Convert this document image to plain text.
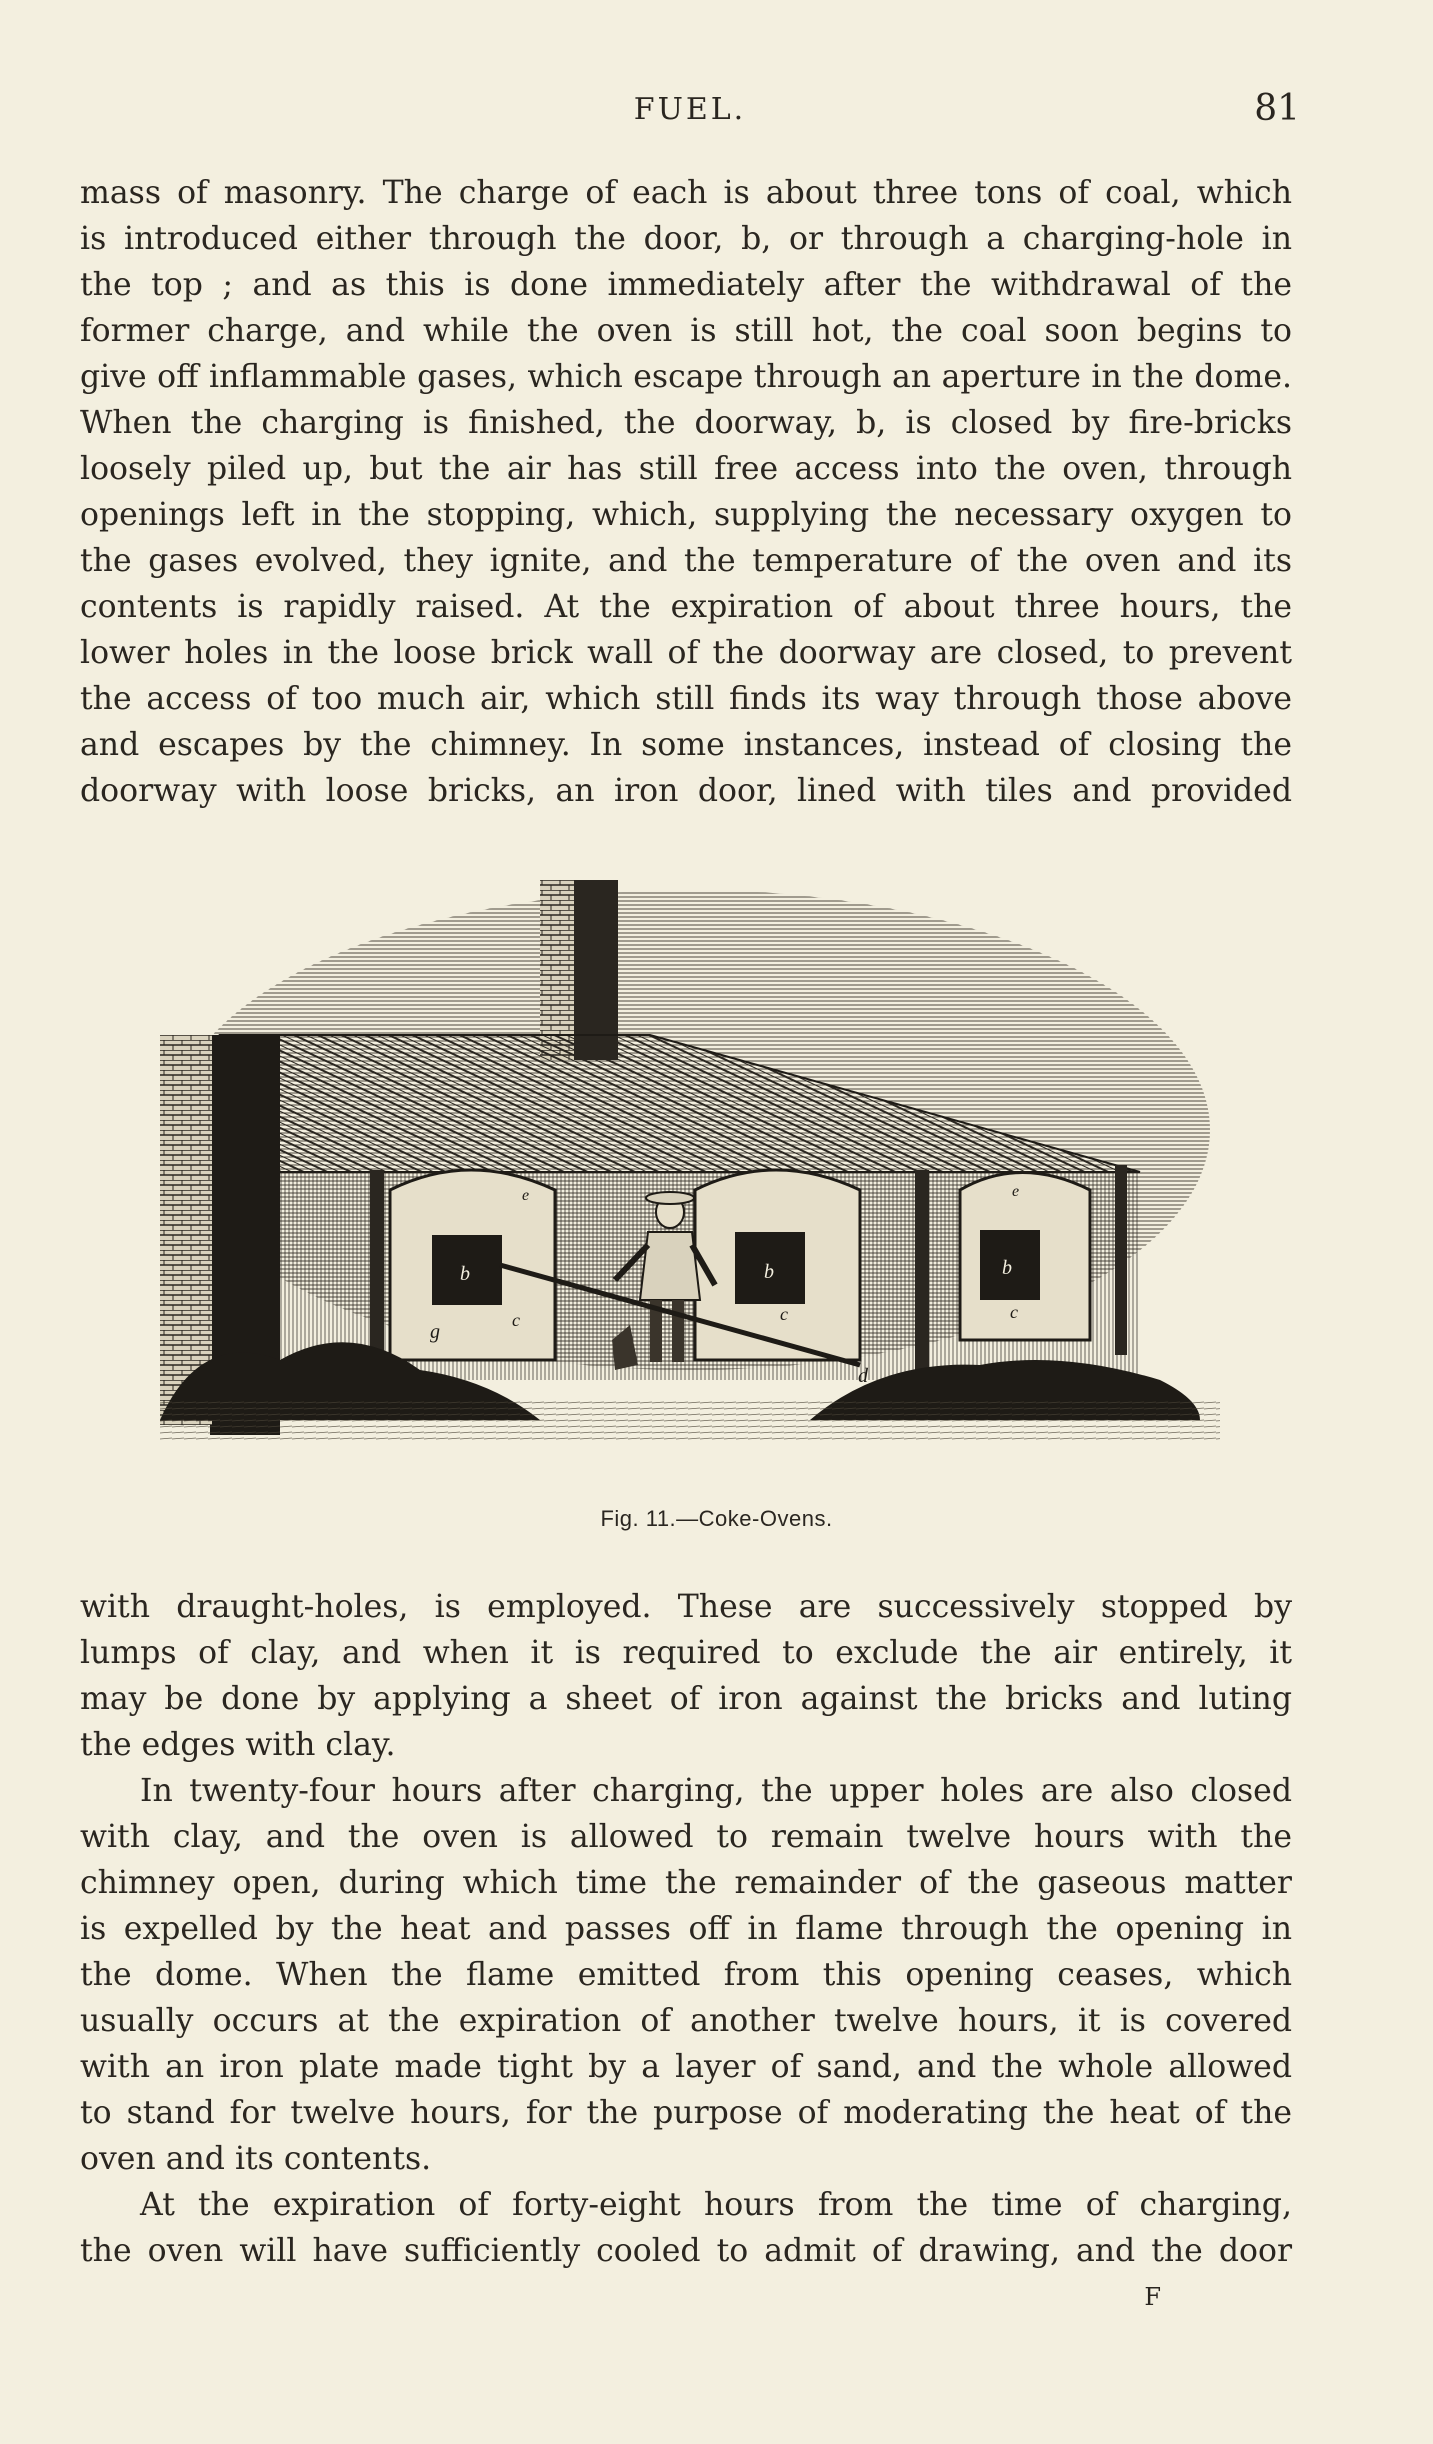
FUEL.	81
mass of masonry. The charge of each is about three tons of coal, which
is introduced either through the door, b, or through a charging-hole in
the top ; and as this is done immediately after the withdrawal of the
former charge, and while the oven is still hot, the coal soon begins to
give off inflammable gases, which escape through an aperture in the dome.
When the charging is finished, the doorway, b, is closed by fire-bricks
loosely piled up, but the air has still free access into the oven, through
openings left in the stopping, which, supplying the necessary oxygen to
the gases evolved, they ignite, and the temperature of the oven and its
contents is rapidly raised. At the expiration of about three hours, the
lower holes in the loose brick wall of the doorway are closed, to prevent
the access of too much air, which still finds its way through those above
and escapes by the chimney. In some instances, instead of closing the
doorway with loose bricks, an iron door, lined with tiles and provided
b	b	b
c	c	c
d
e	e
g
Fig. 11.—Coke-Ovens.
with draught-holes, is employed. These are successively stopped by
lumps of clay, and when it is required to exclude the air entirely, it
may be done by applying a sheet of iron against the bricks and luting
the edges with clay.
In twenty-four hours after charging, the upper holes are also closed
with clay, and the oven is allowed to remain twelve hours with the
chimney open, during which time the remainder of the gaseous matter
is expelled by the heat and passes off in flame through the opening in
the dome. When the flame emitted from this opening ceases, which
usually occurs at the expiration of another twelve hours, it is covered
with an iron plate made tight by a layer of sand, and the whole allowed
to stand for twelve hours, for the purpose of moderating the heat of the
oven and its contents.
At the expiration of forty-eight hours from the time of charging,
the oven will have sufficiently cooled to admit of drawing, and the door
F
